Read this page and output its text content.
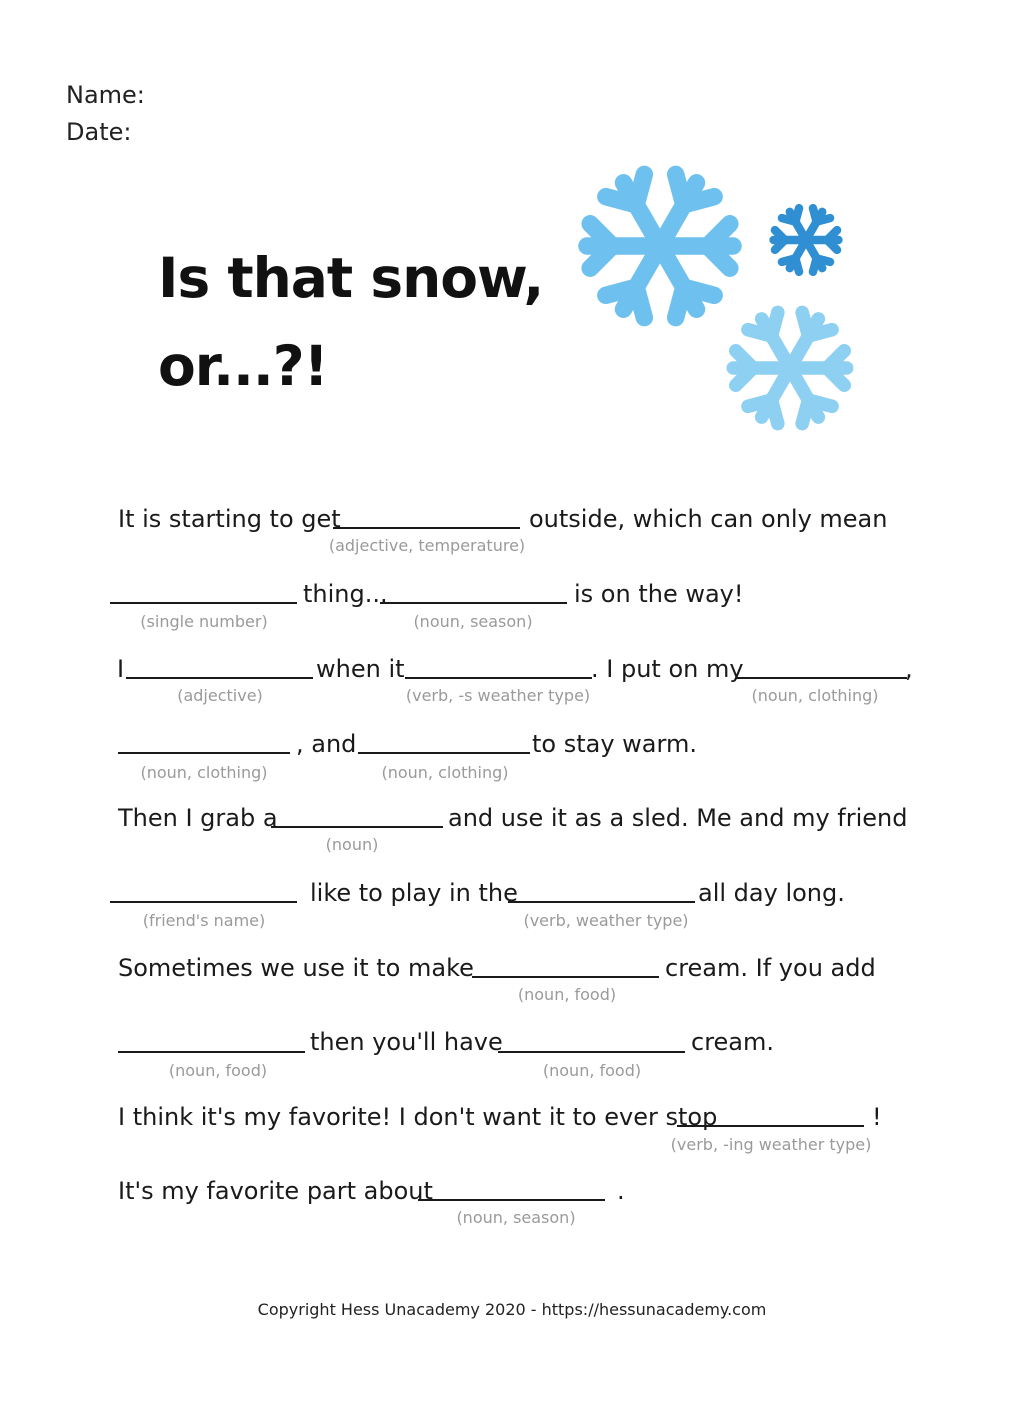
Name:
Date:
Is that snow,
or...?!
It is starting to get	outside, which can only mean
(adjective, temperature)
thing...	is on the way!
(single number)	(noun, season)
I	when it	. I put on my	,
(adjective)	(verb, -s weather type)	(noun, clothing)
, and	to stay warm.
(noun, clothing)	(noun, clothing)
Then I grab a	and use it as a sled. Me and my friend
(noun)
like to play in the	all day long.
(friend's name)	(verb, weather type)
Sometimes we use it to make	cream. If you add
(noun, food)
then you'll have	cream.
(noun, food)	(noun, food)
I think it's my favorite! I don't want it to ever stop	!
(verb, -ing weather type)
It's my favorite part about	.
(noun, season)
Copyright Hess Unacademy 2020 - https://hessunacademy.com
